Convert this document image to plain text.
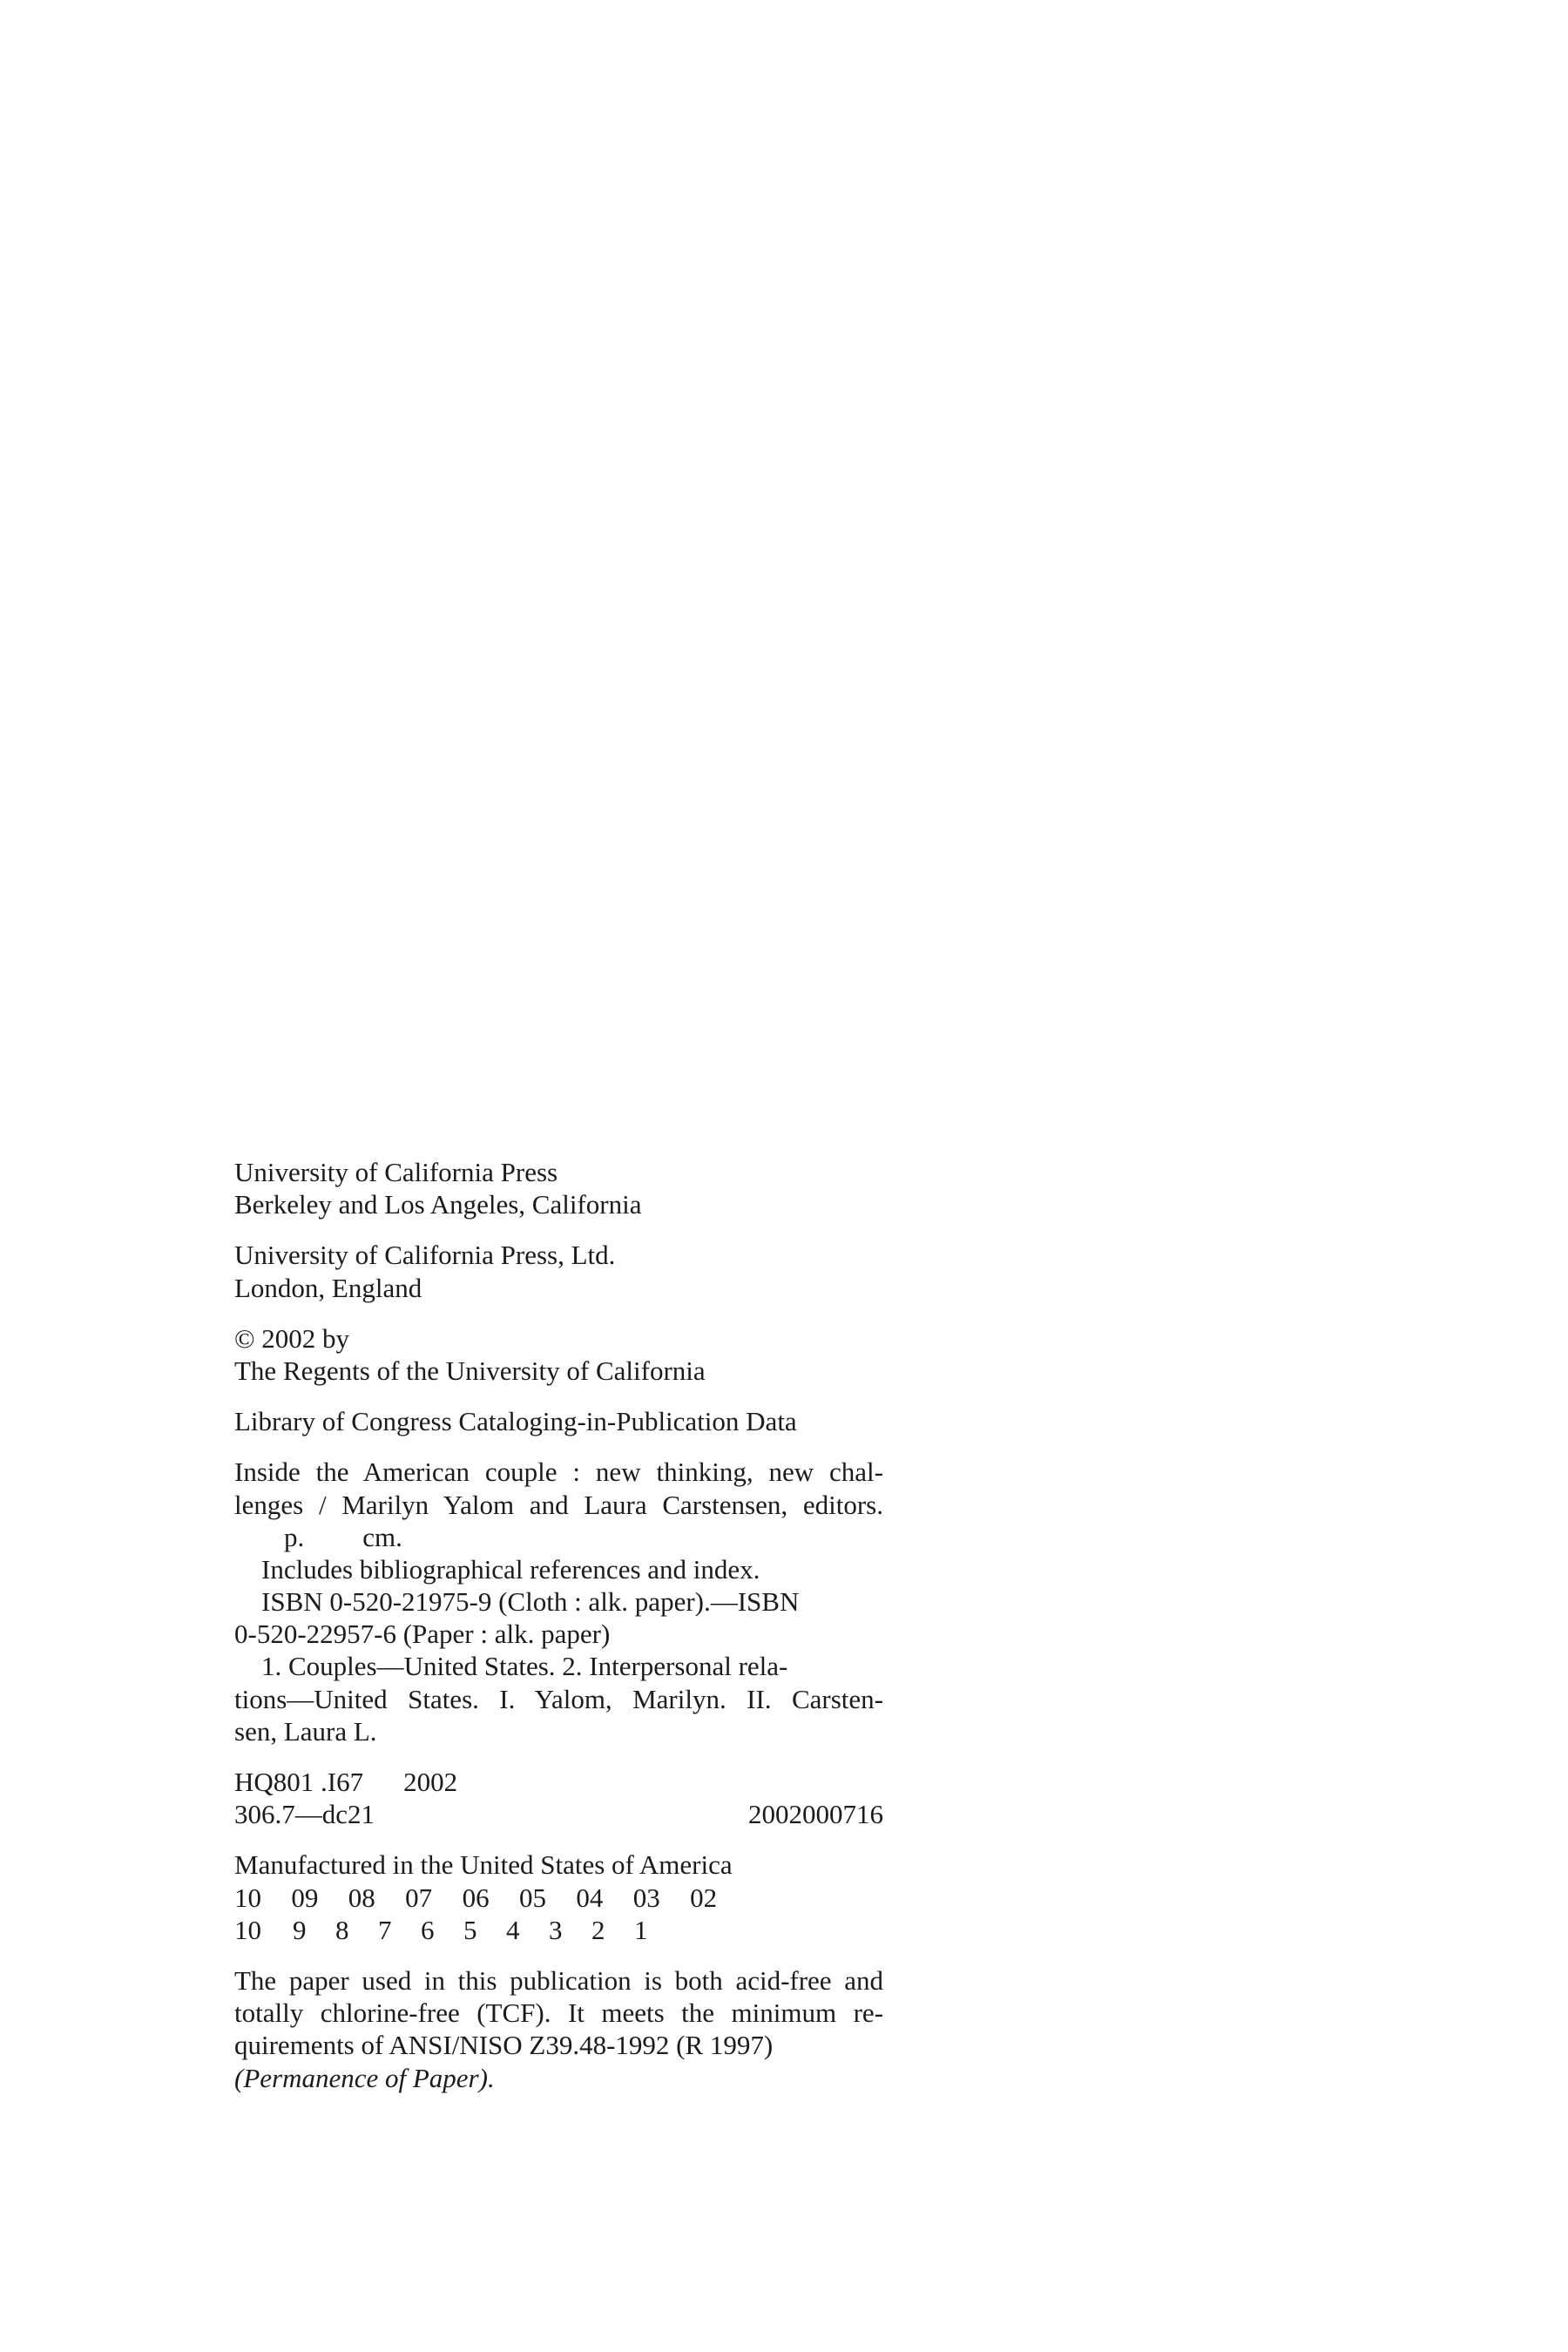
University of California Press
Berkeley and Los Angeles, California
University of California Press, Ltd.
London, England
© 2002 by
The Regents of the University of California
Library of Congress Cataloging-in-Publication Data
Inside the American couple : new thinking, new chal-
lenges / Marilyn Yalom and Laura Carstensen, editors.
p. cm.
Includes bibliographical references and index.
ISBN 0-520-21975-9 (Cloth : alk. paper).—ISBN
0-520-22957-6 (Paper : alk. paper)
1. Couples—United States. 2. Interpersonal rela-
tions—United States. I. Yalom, Marilyn. II. Carsten-
sen, Laura L.
HQ801 .I67 2002
306.7—dc21	2002000716
Manufactured in the United States of America
10 09 08 07 06 05 04 03 02
10 9 8 7 6 5 4 3 2 1
The paper used in this publication is both acid-free and
totally chlorine-free (TCF). It meets the minimum re-
quirements of ANSI/NISO Z39.48-1992 (R 1997)
(Permanence of Paper).
